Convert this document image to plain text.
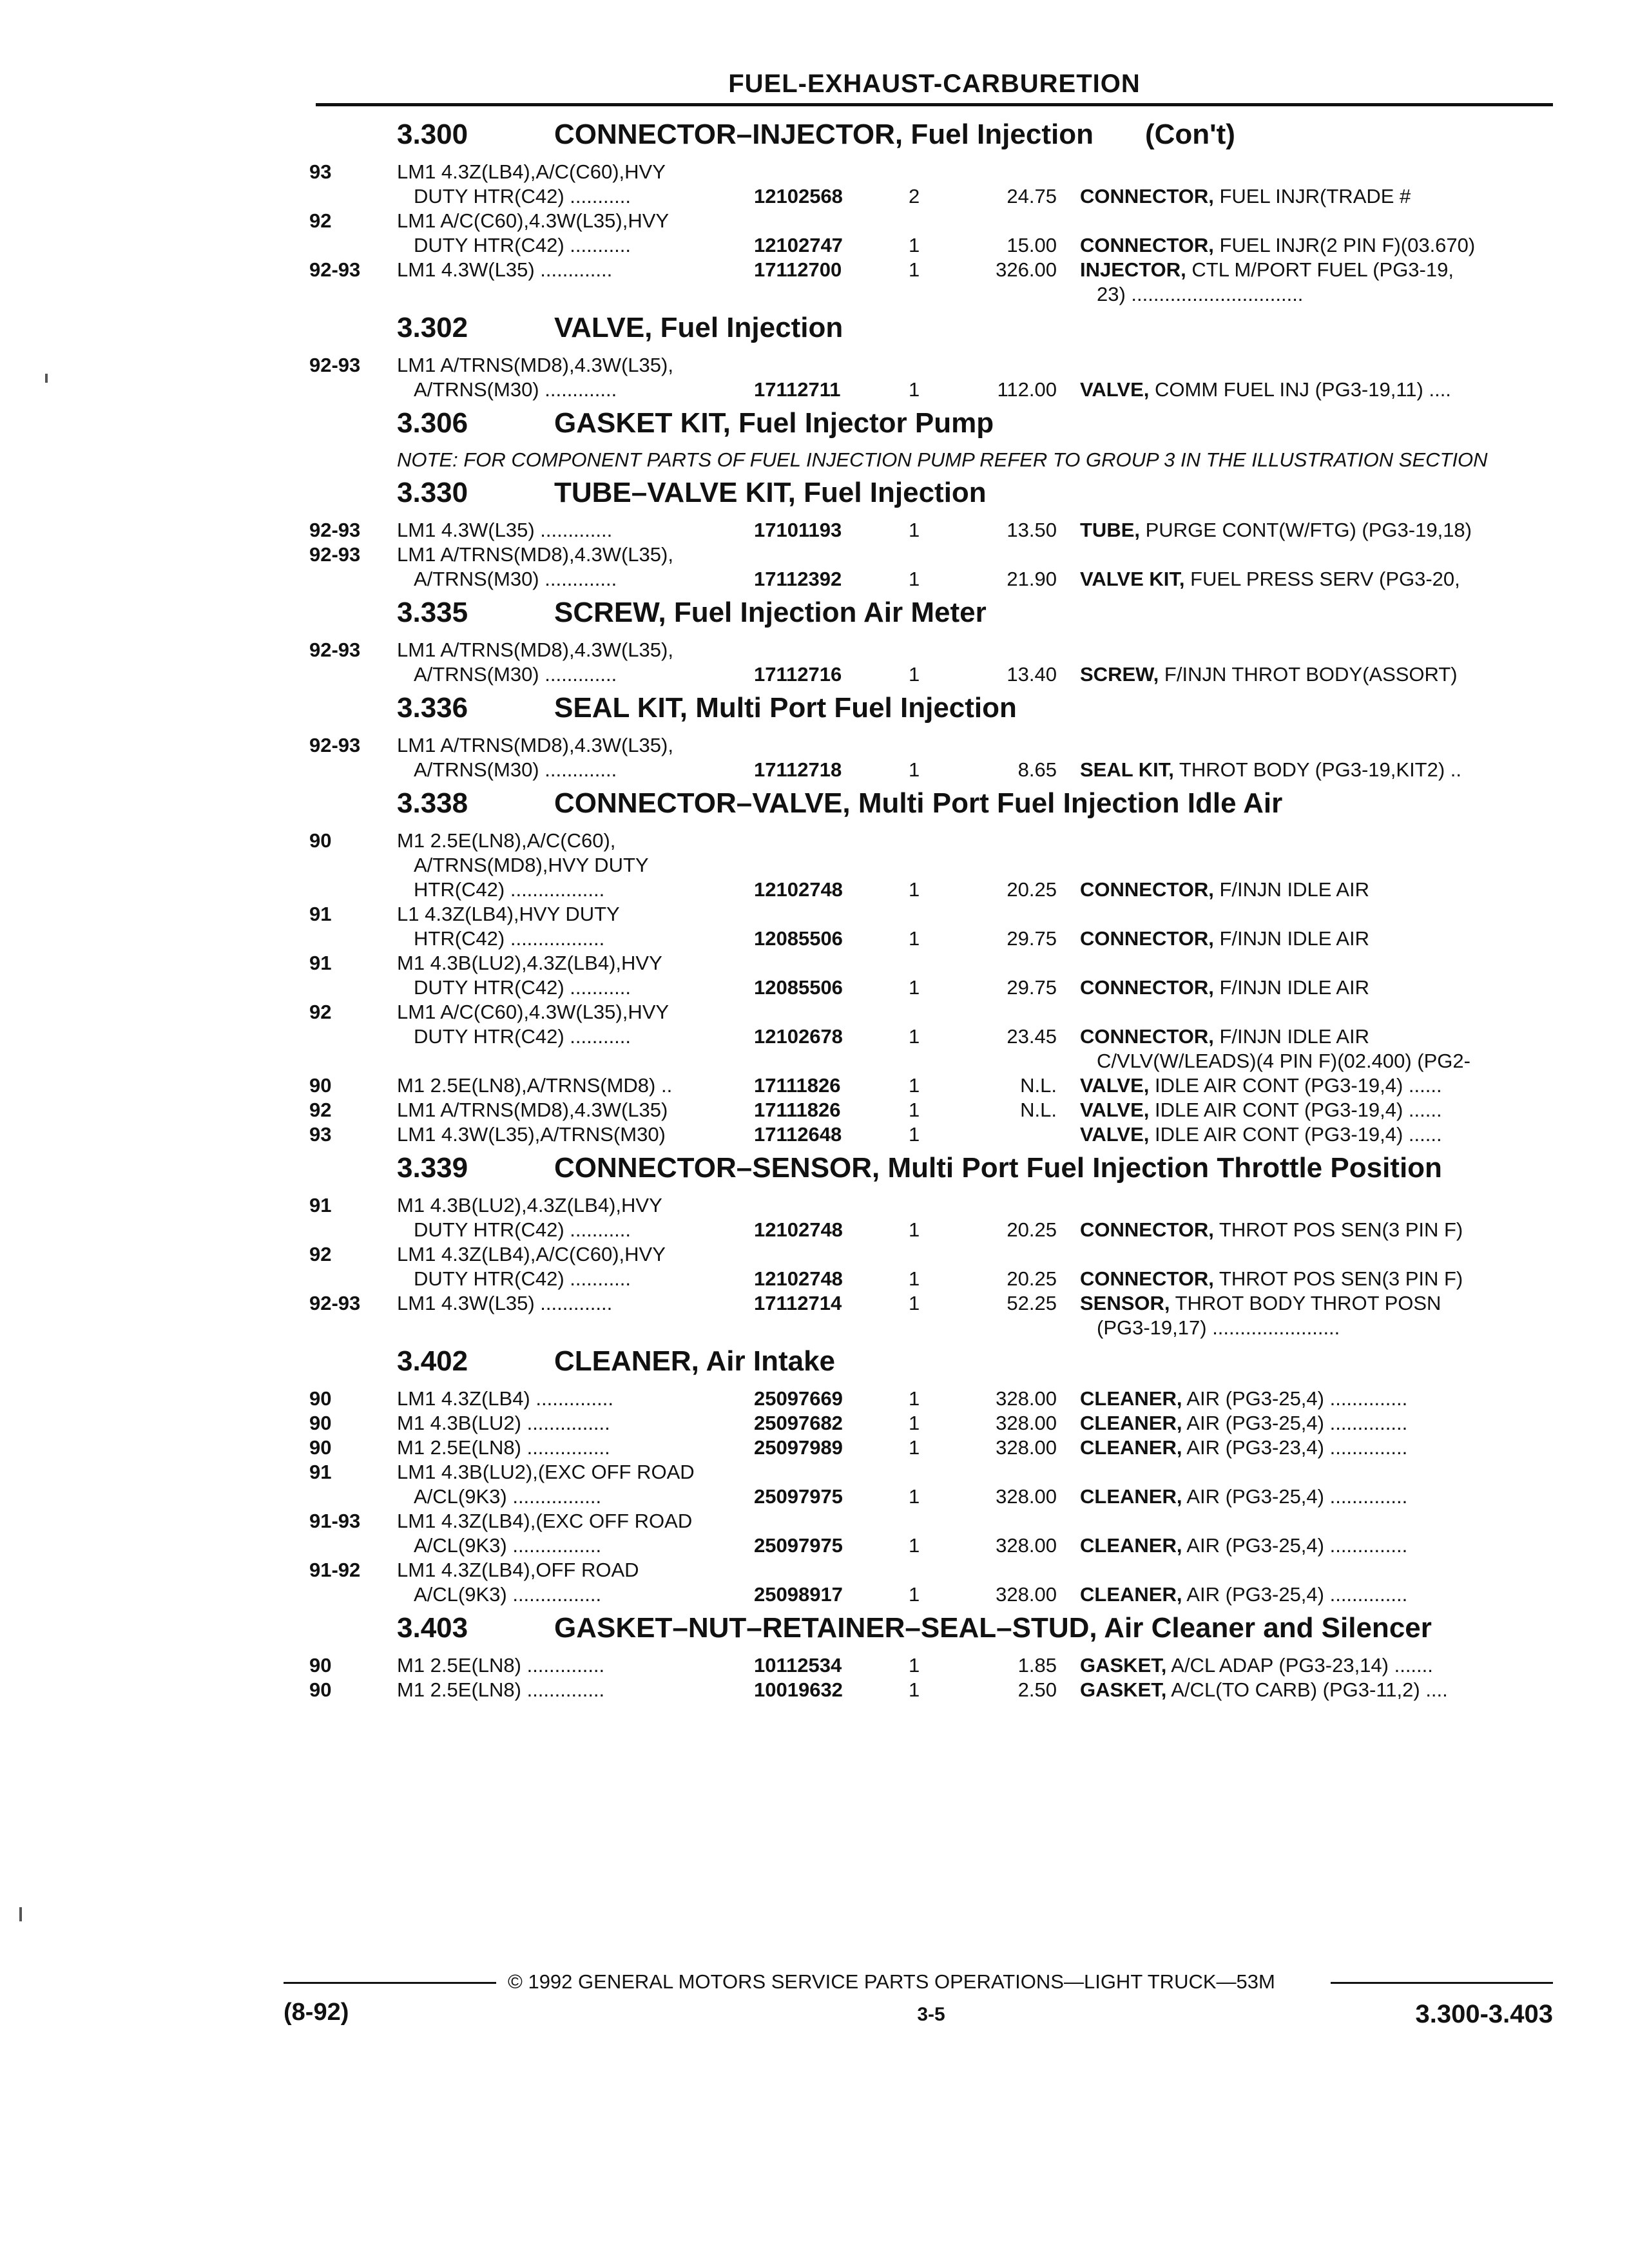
FUEL-EXHAUST-CARBURETION
3.300	CONNECTOR–INJECTOR, Fuel Injection (Con't)
93	LM1 4.3Z(LB4),A/C(C60),HVY
DUTY HTR(C42) ...........	12102568	2	24.75 CONNECTOR, FUEL INJR(TRADE #
92	LM1 A/C(C60),4.3W(L35),HVY
DUTY HTR(C42) ...........	12102747	1	15.00 CONNECTOR, FUEL INJR(2 PIN F)(03.670)
92-93	LM1 4.3W(L35) .............	17112700	1	326.00 INJECTOR, CTL M/PORT FUEL (PG3-19,
23) ...............................
3.302	VALVE, Fuel Injection
92-93	LM1 A/TRNS(MD8),4.3W(L35),
A/TRNS(M30) .............	17112711	1	112.00 VALVE, COMM FUEL INJ (PG3-19,11) ....
3.306	GASKET KIT, Fuel Injector Pump
NOTE: FOR COMPONENT PARTS OF FUEL INJECTION PUMP REFER TO GROUP 3 IN THE ILLUSTRATION SECTION
3.330	TUBE–VALVE KIT, Fuel Injection
92-93	LM1 4.3W(L35) .............	17101193	1	13.50 TUBE, PURGE CONT(W/FTG) (PG3-19,18)
92-93	LM1 A/TRNS(MD8),4.3W(L35),
A/TRNS(M30) .............	17112392	1	21.90 VALVE KIT, FUEL PRESS SERV (PG3-20,
3.335	SCREW, Fuel Injection Air Meter
92-93	LM1 A/TRNS(MD8),4.3W(L35),
A/TRNS(M30) .............	17112716	1	13.40 SCREW, F/INJN THROT BODY(ASSORT)
3.336	SEAL KIT, Multi Port Fuel Injection
92-93	LM1 A/TRNS(MD8),4.3W(L35),
A/TRNS(M30) .............	17112718	1	8.65 SEAL KIT, THROT BODY (PG3-19,KIT2) ..
3.338	CONNECTOR–VALVE, Multi Port Fuel Injection Idle Air
90	M1 2.5E(LN8),A/C(C60),
A/TRNS(MD8),HVY DUTY
HTR(C42) .................	12102748	1	20.25 CONNECTOR, F/INJN IDLE AIR
91	L1 4.3Z(LB4),HVY DUTY
HTR(C42) .................	12085506	1	29.75 CONNECTOR, F/INJN IDLE AIR
91	M1 4.3B(LU2),4.3Z(LB4),HVY
DUTY HTR(C42) ...........	12085506	1	29.75 CONNECTOR, F/INJN IDLE AIR
92	LM1 A/C(C60),4.3W(L35),HVY
DUTY HTR(C42) ...........	12102678	1	23.45 CONNECTOR, F/INJN IDLE AIR
C/VLV(W/LEADS)(4 PIN F)(02.400) (PG2-
90	M1 2.5E(LN8),A/TRNS(MD8) ..	17111826	1	N.L. VALVE, IDLE AIR CONT (PG3-19,4) ......
92	LM1 A/TRNS(MD8),4.3W(L35)	17111826	1	N.L. VALVE, IDLE AIR CONT (PG3-19,4) ......
93	LM1 4.3W(L35),A/TRNS(M30)	17112648	1	VALVE, IDLE AIR CONT (PG3-19,4) ......
3.339	CONNECTOR–SENSOR, Multi Port Fuel Injection Throttle Position
91	M1 4.3B(LU2),4.3Z(LB4),HVY
DUTY HTR(C42) ...........	12102748	1	20.25 CONNECTOR, THROT POS SEN(3 PIN F)
92	LM1 4.3Z(LB4),A/C(C60),HVY
DUTY HTR(C42) ...........	12102748	1	20.25 CONNECTOR, THROT POS SEN(3 PIN F)
92-93	LM1 4.3W(L35) .............	17112714	1	52.25 SENSOR, THROT BODY THROT POSN
(PG3-19,17) .......................
3.402	CLEANER, Air Intake
90	LM1 4.3Z(LB4) ..............	25097669	1	328.00 CLEANER, AIR (PG3-25,4) ..............
90	M1 4.3B(LU2) ...............	25097682	1	328.00 CLEANER, AIR (PG3-25,4) ..............
90	M1 2.5E(LN8) ...............	25097989	1	328.00 CLEANER, AIR (PG3-23,4) ..............
91	LM1 4.3B(LU2),(EXC OFF ROAD
A/CL(9K3) ................	25097975	1	328.00 CLEANER, AIR (PG3-25,4) ..............
91-93	LM1 4.3Z(LB4),(EXC OFF ROAD
A/CL(9K3) ................	25097975	1	328.00 CLEANER, AIR (PG3-25,4) ..............
91-92	LM1 4.3Z(LB4),OFF ROAD
A/CL(9K3) ................	25098917	1	328.00 CLEANER, AIR (PG3-25,4) ..............
3.403	GASKET–NUT–RETAINER–SEAL–STUD, Air Cleaner and Silencer
90	M1 2.5E(LN8) ..............	10112534	1	1.85 GASKET, A/CL ADAP (PG3-23,14) .......
90	M1 2.5E(LN8) ..............	10019632	1	2.50 GASKET, A/CL(TO CARB) (PG3-11,2) ....
© 1992 GENERAL MOTORS SERVICE PARTS OPERATIONS—LIGHT TRUCK—53M
(8-92)	3-5	3.300-3.403
